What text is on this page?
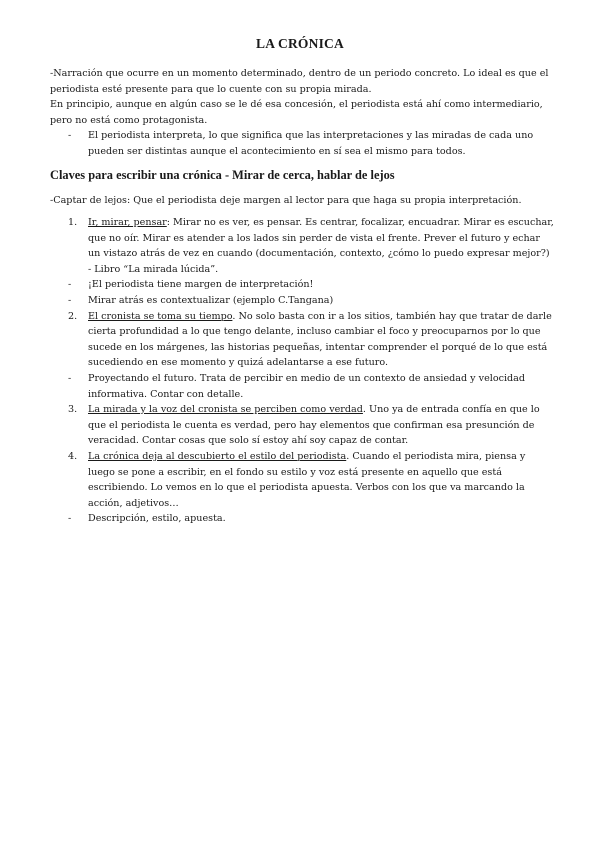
LA CRÓNICA

-Narración que ocurre en un momento determinado, dentro de un periodo concreto. Lo ideal es que el periodista esté presente para que lo cuente con su propia mirada.

En principio, aunque en algún caso se le dé esa concesión, el periodista está ahí como intermediario, pero no está como protagonista.

- El periodista interpreta, lo que significa que las interpretaciones y las miradas de cada uno pueden ser distintas aunque el acontecimiento en sí sea el mismo para todos.
Claves para escribir una crónica - Mirar de cerca, hablar de lejos

-Captar de lejos: Que el periodista deje margen al lector para que haga su propia interpretación.

1. Ir, mirar, pensar: Mirar no es ver, es pensar. Es centrar, focalizar, encuadrar. Mirar es escuchar, que no oír. Mirar es atender a los lados sin perder de vista el frente. Prever el futuro y echar un vistazo atrás de vez en cuando (documentación, contexto, ¿cómo lo puedo expresar mejor?) - Libro “La mirada lúcida”.
- ¡El periodista tiene margen de interpretación!
- Mirar atrás es contextualizar (ejemplo C.Tangana)
2. El cronista se toma su tiempo. No solo basta con ir a los sitios, también hay que tratar de darle cierta profundidad a lo que tengo delante, incluso cambiar el foco y preocuparnos por lo que sucede en los márgenes, las historias pequeñas, intentar comprender el porqué de lo que está sucediendo en ese momento y quizá adelantarse a ese futuro.
- Proyectando el futuro. Trata de percibir en medio de un contexto de ansiedad y velocidad informativa. Contar con detalle.
3. La mirada y la voz del cronista se perciben como verdad. Uno ya de entrada confía en que lo que el periodista le cuenta es verdad, pero hay elementos que confirman esa presunción de veracidad. Contar cosas que solo sí estoy ahí soy capaz de contar.
4. La crónica deja al descubierto el estilo del periodista. Cuando el periodista mira, piensa y luego se pone a escribir, en el fondo su estilo y voz está presente en aquello que está escribiendo. Lo vemos en lo que el periodista apuesta. Verbos con los que va marcando la acción, adjetivos…
- Descripción, estilo, apuesta.
